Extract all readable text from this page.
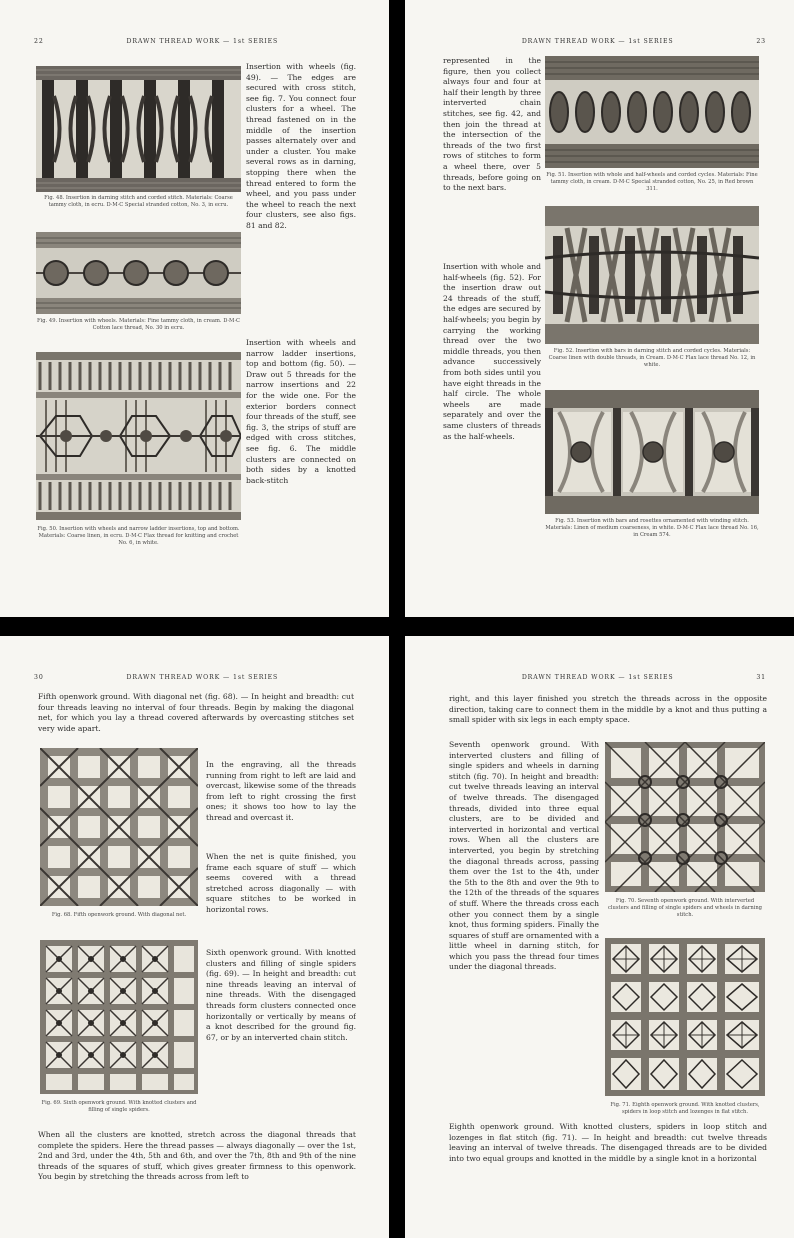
22	DRAWN THREAD WORK — 1st SERIES
Fig. 48. Insertion in darning stitch and corded stitch. Materials: Coarse tammy cloth, in ecru. D·M·C Special stranded cotton, No. 3, in ecru.
Fig. 49. Insertion with wheels. Materials: Fine tammy cloth, in cream. D·M·C Cotton lace thread, No. 30 in ecru.
Fig. 50. Insertion with wheels and narrow ladder insertions, top and bottom. Materials: Coarse linen, in ecru. D·M·C Flax thread for knitting and crochet No. 6, in white.
Insertion with wheels (fig. 49). — The edges are secured with cross stitch, see fig. 7. You connect four clusters for a wheel. The thread fastened on in the middle of the insertion passes alternately over and under a cluster. You make several rows as in darning, stopping there when the thread entered to form the wheel, and you pass under the wheel to reach the next four clusters, see also figs. 81 and 82.
Insertion with wheels and narrow ladder insertions, top and bottom (fig. 50). — Draw out 5 threads for the narrow insertions and 22 for the wide one. For the exterior borders connect four threads of the stuff, see fig. 3, the strips of stuff are edged with cross stitches, see fig. 6. The middle clusters are connected on both sides by a knotted back-stitch
DRAWN THREAD WORK — 1st SERIES	23
represented in the figure, then you collect always four and four at half their length by three interverted chain stitches, see fig. 42, and then join the thread at the intersection of the threads of the two first rows of stitches to form a wheel there, over 5 threads, before going on to the next bars.
Insertion with whole and half-wheels (fig. 52). For the insertion draw out 24 threads of the stuff, the edges are secured by half-wheels; you begin by carrying the working thread over the two middle threads, you then advance successively from both sides until you have eight threads in the half circle. The whole wheels are made separately and over the same clusters of threads as the half-wheels.
Fig. 51. Insertion with whole and half-wheels and corded cycles. Materials: Fine tammy cloth, in cream. D·M·C Special stranded cotton, No. 25, in Red brown 311.
Fig. 52. Insertion with bars in darning stitch and corded cycles. Materials: Coarse linen with double threads, in Cream. D·M·C Flax lace thread No. 12, in white.
Fig. 53. Insertion with bars and rosettes ornamented with winding stitch. Materials: Linen of medium coarseness, in white. D·M·C Flax lace thread No. 16, in Cream 574.
30	DRAWN THREAD WORK — 1st SERIES
Fifth openwork ground. With diagonal net (fig. 68). — In height and breadth: cut four threads leaving no interval of four threads. Begin by making the diagonal net, for which you lay a thread covered afterwards by overcasting stitches set very wide apart.
Fig. 68. Fifth openwork ground. With diagonal net.
Fig. 69. Sixth openwork ground. With knotted clusters and filling of single spiders.
In the engraving, all the threads running from right to left are laid and overcast, likewise some of the threads from left to right crossing the first ones; it shows too how to lay the thread and overcast it.
When the net is quite finished, you frame each square of stuff — which seems covered with a thread stretched across diagonally — with square stitches to be worked in horizontal rows.
Sixth openwork ground. With knotted clusters and filling of single spiders (fig. 69). — In height and breadth: cut nine threads leaving an interval of nine threads. With the disengaged threads form clusters connected once horizontally or vertically by means of a knot described for the ground fig. 67, or by an interverted chain stitch.
When all the clusters are knotted, stretch across the diagonal threads that complete the spiders. Here the thread passes — always diagonally — over the 1st, 2nd and 3rd, under the 4th, 5th and 6th, and over the 7th, 8th and 9th of the nine threads of the squares of stuff, which gives greater firmness to this openwork. You begin by stretching the threads across from left to
DRAWN THREAD WORK — 1st SERIES	31
right, and this layer finished you stretch the threads across in the opposite direction, taking care to connect them in the middle by a knot and thus putting a small spider with six legs in each empty space.
Seventh openwork ground. With interverted clusters and filling of single spiders and wheels in darning stitch (fig. 70). In height and breadth: cut twelve threads leaving an interval of twelve threads. The disengaged threads, divided into three equal clusters, are to be divided and interverted in horizontal and vertical rows. When all the clusters are interverted, you begin by stretching the diagonal threads across, passing them over the 1st to the 4th, under the 5th to the 8th and over the 9th to the 12th of the threads of the squares of stuff. Where the threads cross each other you connect them by a single knot, thus forming spiders. Finally the squares of stuff are ornamented with a little wheel in darning stitch, for which you pass the thread four times under the diagonal threads.
Fig. 70. Seventh openwork ground. With interverted clusters and filling of single spiders and wheels in darning stitch.
Fig. 71. Eighth openwork ground. With knotted clusters, spiders in loop stitch and lozenges in flat stitch.
Eighth openwork ground. With knotted clusters, spiders in loop stitch and lozenges in flat stitch (fig. 71). — In height and breadth: cut twelve threads leaving an interval of twelve threads. The disengaged threads are to be divided into two equal groups and knotted in the middle by a single knot in a horizontal
